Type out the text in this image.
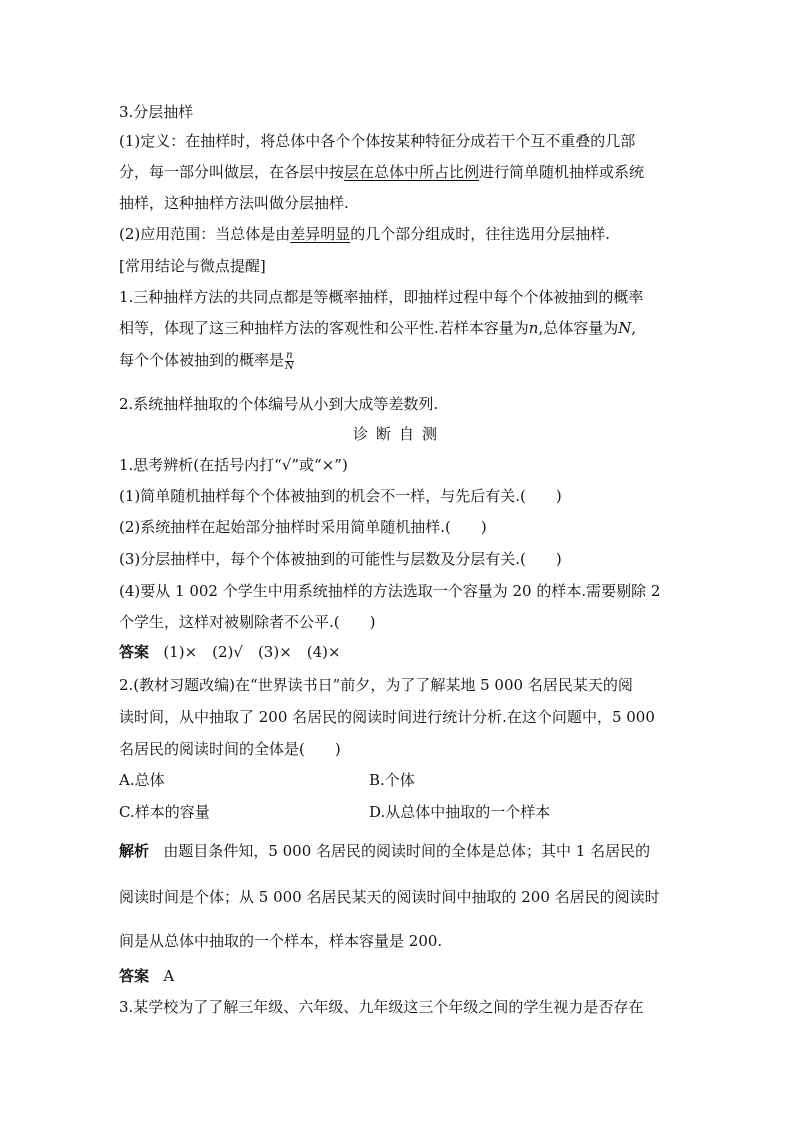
3.分层抽样
(1)定义：在抽样时，将总体中各个个体按某种特征分成若干个互不重叠的几部
分，每一部分叫做层，在各层中按层在总体中所占比例进行简单随机抽样或系统
抽样，这种抽样方法叫做分层抽样.
(2)应用范围：当总体是由差异明显的几个部分组成时，往往选用分层抽样.
[常用结论与微点提醒]
1.三种抽样方法的共同点都是等概率抽样，即抽样过程中每个个体被抽到的概率
相等，体现了这三种抽样方法的客观性和公平性.若样本容量为n,总体容量为N,
每个个体被抽到的概率是 $\frac{n}{N}$
2.系统抽样抽取的个体编号从小到大成等差数列.
诊断自测
1.思考辨析(在括号内打“√”或“×”)
(1)简单随机抽样每个个体被抽到的机会不一样，与先后有关.(　　)
(2)系统抽样在起始部分抽样时采用简单随机抽样.(　　)
(3)分层抽样中，每个个体被抽到的可能性与层数及分层有关.(　　)
(4)要从 1 002 个学生中用系统抽样的方法选取一个容量为 20 的样本.需要剔除 2
个学生，这样对被剔除者不公平.(　　)
答案 (1)×　(2)√　(3)×　(4)×
2.(教材习题改编)在“世界读书日”前夕，为了了解某地 5 000 名居民某天的阅
读时间，从中抽取了 200 名居民的阅读时间进行统计分析.在这个问题中，5 000
名居民的阅读时间的全体是(　　)
A.总体	B.个体
C.样本的容量	D.从总体中抽取的一个样本
解析 由题目条件知，5 000 名居民的阅读时间的全体是总体；其中 1 名居民的
阅读时间是个体；从 5 000 名居民某天的阅读时间中抽取的 200 名居民的阅读时
间是从总体中抽取的一个样本，样本容量是 200.
答案 A
3.某学校为了了解三年级、六年级、九年级这三个年级之间的学生视力是否存在
